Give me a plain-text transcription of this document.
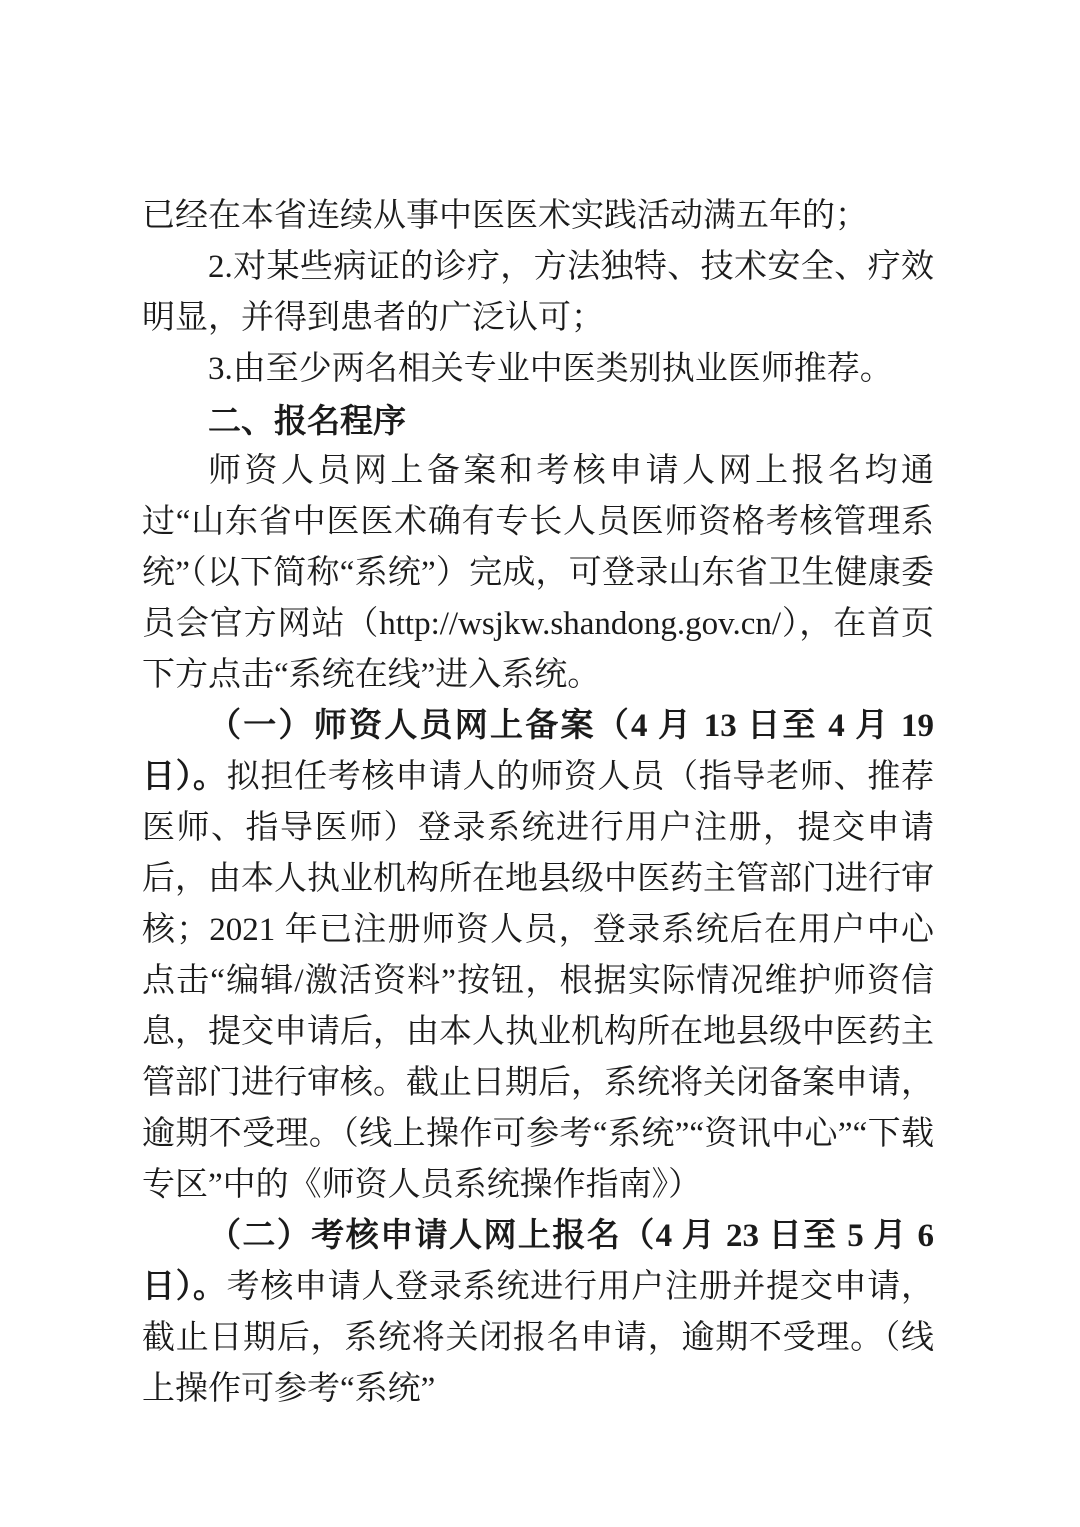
已经在本省连续从事中医医术实践活动满五年的；

2.对某些病证的诊疗，方法独特、技术安全、疗效明显，并得到患者的广泛认可；

3.由至少两名相关专业中医类别执业医师推荐。

二、报名程序

师资人员网上备案和考核申请人网上报名均通过“山东省中医医术确有专长人员医师资格考核管理系统”（以下简称“系统”）完成，可登录山东省卫生健康委员会官方网站（http://wsjkw.shandong.gov.cn/），在首页下方点击“系统在线”进入系统。

（一）师资人员网上备案（4 月 13 日至 4 月 19 日）。拟担任考核申请人的师资人员（指导老师、推荐医师、指导医师）登录系统进行用户注册，提交申请后，由本人执业机构所在地县级中医药主管部门进行审核；2021 年已注册师资人员，登录系统后在用户中心点击“编辑/激活资料”按钮，根据实际情况维护师资信息，提交申请后，由本人执业机构所在地县级中医药主管部门进行审核。截止日期后，系统将关闭备案申请，逾期不受理。（线上操作可参考“系统”“资讯中心”“下载专区”中的《师资人员系统操作指南》）

（二）考核申请人网上报名（4 月 23 日至 5 月 6 日）。考核申请人登录系统进行用户注册并提交申请，截止日期后，系统将关闭报名申请，逾期不受理。（线上操作可参考“系统”
